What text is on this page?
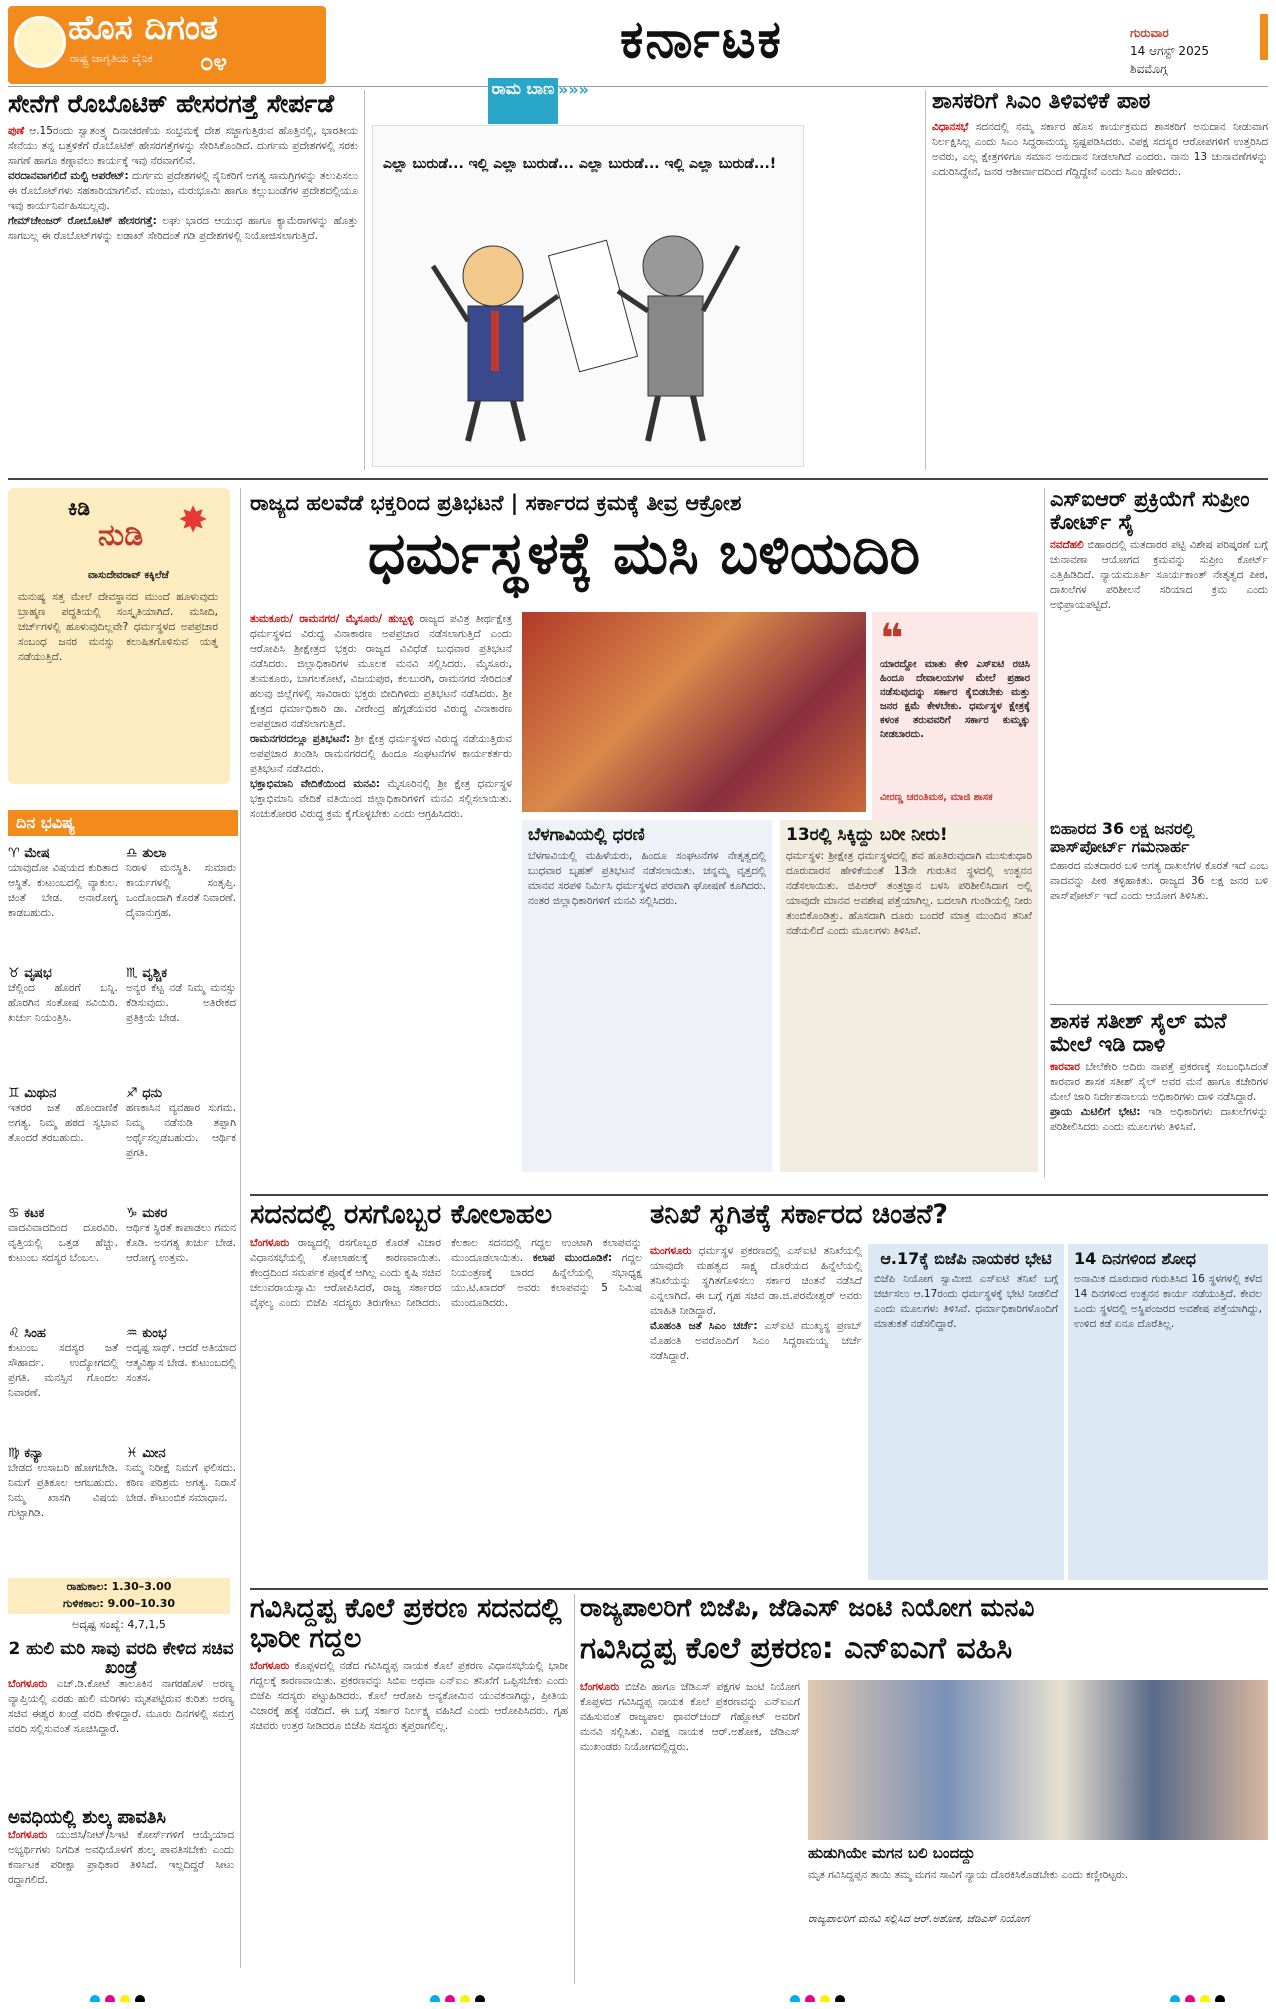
ಹೊಸ ದಿಗಂತ
ರಾಷ್ಟ್ರ ಜಾಗೃತಿಯ ದೈನಿಕ ೦೪	ಕರ್ನಾಟಕ	ಗುರುವಾರ
14 ಆಗಸ್ಟ್ 2025
ಶಿವಮೊಗ್ಗ
ಸೇನೆಗೆ ರೊಬೊಟಿಕ್ ಹೇಸರಗತ್ತೆ ಸೇರ್ಪಡೆ
ಪುಣೆ ಆ.15ರಂದು ಸ್ವಾತಂತ್ರ್ಯ ದಿನಾಚರಣೆಯ ಸಂಭ್ರಮಕ್ಕೆ ದೇಶ ಸಜ್ಜಾಗುತ್ತಿರುವ ಹೊತ್ತಿನಲ್ಲಿ, ಭಾರತೀಯ ಸೇನೆಯು ತನ್ನ ಬತ್ತಳಿಕೆಗೆ ರೊಬೊಟಿಕ್ ಹೇಸರಗತ್ತೆಗಳನ್ನು ಸೇರಿಸಿಕೊಂಡಿದೆ. ದುರ್ಗಮ ಪ್ರದೇಶಗಳಲ್ಲಿ ಸರಕು ಸಾಗಣೆ ಹಾಗೂ ಕಣ್ಗಾವಲು ಕಾರ್ಯಕ್ಕೆ ಇವು ನೆರವಾಗಲಿವೆ.
ವರದಾನವಾಗಲಿದೆ ಮಲ್ಟಿ ಆಪರೇಟ್: ದುರ್ಗಮ ಪ್ರದೇಶಗಳಲ್ಲಿ ಸೈನಿಕರಿಗೆ ಅಗತ್ಯ ಸಾಮಗ್ರಿಗಳನ್ನು ತಲುಪಿಸಲು ಈ ರೊಬೊಟ್‌ಗಳು ಸಹಕಾರಿಯಾಗಲಿವೆ. ಮಂಜು, ಮರುಭೂಮಿ ಹಾಗೂ ಕಲ್ಲುಬಂಡೆಗಳ ಪ್ರದೇಶದಲ್ಲಿಯೂ ಇವು ಕಾರ್ಯನಿರ್ವಹಿಸಬಲ್ಲವು.
ಗೇಮ್‌ಚೇಂಜರ್ ರೋಬೊಟಿಕ್ ಹೇಸರಗತ್ತೆ: ಲಘು ಭಾರದ ಆಯುಧ ಹಾಗೂ ಕ್ಯಾಮೆರಾಗಳನ್ನು ಹೊತ್ತು ಸಾಗಬಲ್ಲ ಈ ರೊಬೊಟ್‌ಗಳನ್ನು ಲಡಾಖ್ ಸೇರಿದಂತೆ ಗಡಿ ಪ್ರದೇಶಗಳಲ್ಲಿ ನಿಯೋಜಿಸಲಾಗುತ್ತಿದೆ.
ರಾಮ ಬಾಣ »»»
ಎಲ್ಲಾ ಬುರುಡೆ... ಇಲ್ಲಿ ಎಲ್ಲಾ ಬುರುಡೆ... ಎಲ್ಲಾ ಬುರುಡೆ... ಇಲ್ಲಿ ಎಲ್ಲಾ ಬುರುಡೆ...!
ಶಾಸಕರಿಗೆ ಸಿಎಂ ತಿಳಿವಳಿಕೆ ಪಾಠ
ವಿಧಾನಸಭೆ ಸದನದಲ್ಲಿ ನಮ್ಮ ಸರ್ಕಾರ ಹೊಸ ಕಾರ್ಯಕ್ರಮದ ಶಾಸಕರಿಗೆ ಅನುದಾನ ನೀಡುವಾಗ ನಿರ್ಲಕ್ಷಿಸಿಲ್ಲ ಎಂದು ಸಿಎಂ ಸಿದ್ದರಾಮಯ್ಯ ಸ್ಪಷ್ಟಪಡಿಸಿದರು. ವಿಪಕ್ಷ ಸದಸ್ಯರ ಆರೋಪಗಳಿಗೆ ಉತ್ತರಿಸಿದ ಅವರು, ಎಲ್ಲ ಕ್ಷೇತ್ರಗಳಿಗೂ ಸಮಾನ ಅನುದಾನ ನೀಡಲಾಗಿದೆ ಎಂದರು. ನಾನು 13 ಚುನಾವಣೆಗಳನ್ನು ಎದುರಿಸಿದ್ದೇನೆ, ಜನರ ಆಶೀರ್ವಾದದಿಂದ ಗೆದ್ದಿದ್ದೇನೆ ಎಂದು ಸಿಎಂ ಹೇಳಿದರು.
ಕಿಡಿ
ನುಡಿ ✸
ವಾಸುದೇವರಾವ್ ಕಕ್ಕಿಲೆಜೆ
ಮನುಷ್ಯ ಸತ್ತ ಮೇಲೆ ದೇವಸ್ಥಾನದ ಮುಂದೆ ಹೂಳುವುದು ಬ್ರಾಹ್ಮಣ ಪದ್ಧತಿಯಲ್ಲಿ ಸಂಸ್ಕೃತಿಯಾಗಿದೆ. ಮಸೀದಿ, ಚರ್ಚ್‌ಗಳಲ್ಲಿ ಹೂಳುವುದಿಲ್ಲವೇ? ಧರ್ಮಸ್ಥಳದ ಅಪಪ್ರಚಾರ ಸಂಬಂಧ ಜನರ ಮನಸ್ಸು ಕಲುಷಿತಗೊಳಿಸುವ ಯತ್ನ ನಡೆಯುತ್ತಿದೆ.
ದಿನ ಭವಿಷ್ಯ
♈ ಮೇಷ
ಯಾವುದೋ ವಿಷಯದ ಕುರಿತಾದ ಆಸ್ಥಿತೆ. ಕುಟುಂಬದಲ್ಲಿ ವ್ಯಾಕುಲ. ಚಿಂತೆ ಬೇಡ. ಅನಾರೋಗ್ಯ ಕಾಡಬಹುದು.
♎ ತುಲಾ
ನಿರಾಳ ಮನಸ್ಥಿತಿ. ಸುಮಾರು ಕಾರ್ಯಗಳಲ್ಲಿ ಸಂತೃಪ್ತಿ. ಒಂದೊಂದಾಗಿ ಕೊರತೆ ನಿವಾರಣೆ. ದೈವಾನುಗ್ರಹ.
♉ ವೃಷಭ
ಚೆಲ್ಲಿಂದ ಹೊರಗೆ ಬನ್ನಿ. ಹೊರಗಿನ ಸಂತೋಷ ಸವಿಯಿರಿ. ಖರ್ಚು ನಿಯಂತ್ರಿಸಿ.
♏ ವೃಶ್ಚಿಕ
ಅನ್ಯರ ಕೆಟ್ಟ ನಡೆ ನಿಮ್ಮ ಮನಸ್ಸು ಕೆಡಿಸುವುದು. ಅತಿರೇಕದ ಪ್ರತಿಕ್ರಿಯೆ ಬೇಡ.
♊ ಮಿಥುನ
ಇತರರ ಜತೆ ಹೊಂದಾಣಿಕೆ ಅಗತ್ಯ. ನಿಮ್ಮ ಹಠದ ಸ್ವಭಾವ ತೊಂದರೆ ತರಬಹುದು.
♐ ಧನು
ಹಣಕಾಸಿನ ವ್ಯವಹಾರ ಸುಗಮ. ನಿಮ್ಮ ನಡೆನುಡಿ ತಪ್ಪಾಗಿ ಅರ್ಥೈಸಲ್ಪಡಬಹುದು. ಆರ್ಥಿಕ ಪ್ರಗತಿ.
♋ ಕಟಕ
ವಾದವಿವಾದದಿಂದ ದೂರವಿರಿ. ವೃತ್ತಿಯಲ್ಲಿ ಒತ್ತಡ ಹೆಚ್ಚು. ಕುಟುಂಬ ಸದಸ್ಯರ ಬೆಂಬಲ.
♑ ಮಕರ
ಆರ್ಥಿಕ ಸ್ಥಿರತೆ ಕಾಪಾಡಲು ಗಮನ ಕೊಡಿ. ಅನಗತ್ಯ ಖರ್ಚು ಬೇಡ. ಆರೋಗ್ಯ ಉತ್ತಮ.
♌ ಸಿಂಹ
ಕುಟುಂಬ ಸದಸ್ಯರ ಜತೆ ಸೌಹಾರ್ದ. ಉದ್ಯೋಗದಲ್ಲಿ ಪ್ರಗತಿ. ಮನಸ್ಸಿನ ಗೊಂದಲ ನಿವಾರಣೆ.
♒ ಕುಂಭ
ಅದೃಷ್ಟ ಸಾಥ್. ಆದರೆ ಅತಿಯಾದ ಆತ್ಮವಿಶ್ವಾಸ ಬೇಡ. ಕುಟುಂಬದಲ್ಲಿ ಸಂತಸ.
♍ ಕನ್ಯಾ
ಬೇಡದ ಉಸಾಬರಿ ಹೋಗಬೇಡಿ. ನಿಮಗೆ ಪ್ರತಿಕೂಲ ಆಗಬಹುದು. ನಿಮ್ಮ ಖಾಸಗಿ ವಿಷಯ ಗುಟ್ಟಾಗಿಡಿ.
♓ ಮೀನ
ನಿಮ್ಮ ನಿರೀಕ್ಷೆ ನಿಮಗೆ ಫಲಿಸದು. ಕಠಿಣ ಪರಿಶ್ರಮ ಅಗತ್ಯ. ನಿರಾಸೆ ಬೇಡ. ಕೌಟುಂಬಿಕ ಸಮಾಧಾನ.
ರಾಹುಕಾಲ: 1.30–3.00
ಗುಳಿಕಕಾಲ: 9.00–10.30
ಅದೃಷ್ಟ ಸಂಖ್ಯೆ: 4,7,1,5
2 ಹುಲಿ ಮರಿ ಸಾವು ವರದಿ ಕೇಳಿದ ಸಚಿವ ಖಂಡ್ರೆ
ಬೆಂಗಳೂರು ಎಚ್.ಡಿ.ಕೋಟೆ ತಾಲೂಕಿನ ನಾಗರಹೊಳೆ ಅರಣ್ಯ ವ್ಯಾಪ್ತಿಯಲ್ಲಿ ಎರಡು ಹುಲಿ ಮರಿಗಳು ಮೃತಪಟ್ಟಿರುವ ಕುರಿತು ಅರಣ್ಯ ಸಚಿವ ಈಶ್ವರ ಖಂಡ್ರೆ ವರದಿ ಕೇಳಿದ್ದಾರೆ. ಮೂರು ದಿನಗಳಲ್ಲಿ ಸಮಗ್ರ ವರದಿ ಸಲ್ಲಿಸುವಂತೆ ಸೂಚಿಸಿದ್ದಾರೆ.
ಅವಧಿಯಲ್ಲಿ ಶುಲ್ಕ ಪಾವತಿಸಿ
ಬೆಂಗಳೂರು ಯುಜಿಸಿ/ನೀಟ್/ಸಿಇಟಿ ಕೋರ್ಸ್‌ಗಳಿಗೆ ಆಯ್ಕೆಯಾದ ಅಭ್ಯರ್ಥಿಗಳು ನಿಗದಿತ ಅವಧಿಯೊಳಗೆ ಶುಲ್ಕ ಪಾವತಿಸಬೇಕು ಎಂದು ಕರ್ನಾಟಕ ಪರೀಕ್ಷಾ ಪ್ರಾಧಿಕಾರ ತಿಳಿಸಿದೆ. ಇಲ್ಲದಿದ್ದರೆ ಸೀಟು ರದ್ದಾಗಲಿದೆ.
ರಾಜ್ಯದ ಹಲವೆಡೆ ಭಕ್ತರಿಂದ ಪ್ರತಿಭಟನೆ | ಸರ್ಕಾರದ ಕ್ರಮಕ್ಕೆ ತೀವ್ರ ಆಕ್ರೋಶ
ಧರ್ಮಸ್ಥಳಕ್ಕೆ ಮಸಿ ಬಳಿಯದಿರಿ
ತುಮಕೂರು/ ರಾಮನಗರ/ ಮೈಸೂರು/ ಹುಬ್ಬಳ್ಳಿ ರಾಜ್ಯದ ಪವಿತ್ರ ತೀರ್ಥಕ್ಷೇತ್ರ ಧರ್ಮಸ್ಥಳದ ವಿರುದ್ಧ ವಿನಾಕಾರಣ ಅಪಪ್ರಚಾರ ನಡೆಸಲಾಗುತ್ತಿದೆ ಎಂದು ಆರೋಪಿಸಿ ಶ್ರೀಕ್ಷೇತ್ರದ ಭಕ್ತರು ರಾಜ್ಯದ ವಿವಿಧೆಡೆ ಬುಧವಾರ ಪ್ರತಿಭಟನೆ ನಡೆಸಿದರು. ಜಿಲ್ಲಾಧಿಕಾರಿಗಳ ಮೂಲಕ ಮನವಿ ಸಲ್ಲಿಸಿದರು. ಮೈಸೂರು, ತುಮಕೂರು, ಬಾಗಲಕೋಟೆ, ವಿಜಯಪುರ, ಕಲಬುರಗಿ, ರಾಮನಗರ ಸೇರಿದಂತೆ ಹಲವು ಜಿಲ್ಲೆಗಳಲ್ಲಿ ಸಾವಿರಾರು ಭಕ್ತರು ಬೀದಿಗಿಳಿದು ಪ್ರತಿಭಟನೆ ನಡೆಸಿದರು. ಶ್ರೀ ಕ್ಷೇತ್ರದ ಧರ್ಮಾಧಿಕಾರಿ ಡಾ. ವೀರೇಂದ್ರ ಹೆಗ್ಗಡೆಯವರ ವಿರುದ್ಧ ವಿನಾಕಾರಣ ಅಪಪ್ರಚಾರ ನಡೆಸಲಾಗುತ್ತಿದೆ.
ರಾಮನಗರದಲ್ಲೂ ಪ್ರತಿಭಟನೆ: ಶ್ರೀ ಕ್ಷೇತ್ರ ಧರ್ಮಸ್ಥಳದ ವಿರುದ್ಧ ನಡೆಯುತ್ತಿರುವ ಅಪಪ್ರಚಾರ ಖಂಡಿಸಿ ರಾಮನಗರದಲ್ಲಿ ಹಿಂದೂ ಸಂಘಟನೆಗಳ ಕಾರ್ಯಕರ್ತರು ಪ್ರತಿಭಟನೆ ನಡೆಸಿದರು.
ಭಕ್ತಾಭಿಮಾನಿ ವೇದಿಕೆಯಿಂದ ಮನವಿ: ಮೈಸೂರಿನಲ್ಲಿ ಶ್ರೀ ಕ್ಷೇತ್ರ ಧರ್ಮಸ್ಥಳ ಭಕ್ತಾಭಿಮಾನಿ ವೇದಿಕೆ ವತಿಯಿಂದ ಜಿಲ್ಲಾಧಿಕಾರಿಗಳಿಗೆ ಮನವಿ ಸಲ್ಲಿಸಲಾಯಿತು. ಸಂಚುಕೋರರ ವಿರುದ್ಧ ಕ್ರಮ ಕೈಗೊಳ್ಳಬೇಕು ಎಂದು ಆಗ್ರಹಿಸಿದರು.
❝
ಯಾರದ್ದೋ ಮಾತು ಕೇಳಿ ಎಸ್‌ಐಟಿ ರಚಿಸಿ ಹಿಂದೂ ದೇವಾಲಯಗಳ ಮೇಲೆ ಪ್ರಹಾರ ನಡೆಸುವುದನ್ನು ಸರ್ಕಾರ ಕೈಬಿಡಬೇಕು ಮತ್ತು ಜನರ ಕ್ಷಮೆ ಕೇಳಬೇಕು. ಧರ್ಮಸ್ಥಳ ಕ್ಷೇತ್ರಕ್ಕೆ ಕಳಂಕ ತರುವವರಿಗೆ ಸರ್ಕಾರ ಕುಮ್ಮಕ್ಕು ನೀಡಬಾರದು.
ವೀರಣ್ಣ ಚರಂತಿಮಠ, ಮಾಜಿ ಶಾಸಕ
ಬೆಳಗಾವಿಯಲ್ಲಿ ಧರಣಿ
ಬೆಳಗಾವಿಯಲ್ಲಿ ಮಹಿಳೆಯರು, ಹಿಂದೂ ಸಂಘಟನೆಗಳ ನೇತೃತ್ವದಲ್ಲಿ ಬುಧವಾರ ಬೃಹತ್ ಪ್ರತಿಭಟನೆ ನಡೆಸಲಾಯಿತು. ಚನ್ನಮ್ಮ ವೃತ್ತದಲ್ಲಿ ಮಾನವ ಸರಪಳಿ ನಿರ್ಮಿಸಿ ಧರ್ಮಸ್ಥಳದ ಪರವಾಗಿ ಘೋಷಣೆ ಕೂಗಿದರು. ನಂತರ ಜಿಲ್ಲಾಧಿಕಾರಿಗಳಿಗೆ ಮನವಿ ಸಲ್ಲಿಸಿದರು.
13ರಲ್ಲಿ ಸಿಕ್ಕಿದ್ದು ಬರೀ ನೀರು!
ಧರ್ಮಸ್ಥಳ: ಶ್ರೀಕ್ಷೇತ್ರ ಧರ್ಮಸ್ಥಳದಲ್ಲಿ ಶವ ಹೂತಿರುವುದಾಗಿ ಮುಸುಕುಧಾರಿ ದೂರುದಾರನ ಹೇಳಿಕೆಯಂತೆ 13ನೇ ಗುರುತಿನ ಸ್ಥಳದಲ್ಲಿ ಉತ್ಖನನ ನಡೆಸಲಾಯಿತು. ಜಿಪಿಆರ್ ತಂತ್ರಜ್ಞಾನ ಬಳಸಿ ಪರಿಶೀಲಿಸಿದಾಗ ಅಲ್ಲಿ ಯಾವುದೇ ಮಾನವ ಅವಶೇಷ ಪತ್ತೆಯಾಗಿಲ್ಲ. ಬದಲಾಗಿ ಗುಂಡಿಯಲ್ಲಿ ನೀರು ತುಂಬಿಕೊಂಡಿತ್ತು. ಹೊಸದಾಗಿ ದೂರು ಬಂದರೆ ಮಾತ್ರ ಮುಂದಿನ ತನಿಖೆ ನಡೆಯಲಿದೆ ಎಂದು ಮೂಲಗಳು ತಿಳಿಸಿವೆ.
ಎಸ್‌ಐಆರ್ ಪ್ರಕ್ರಿಯೆಗೆ ಸುಪ್ರೀಂ ಕೋರ್ಟ್ ಸೈ
ನವದೆಹಲಿ ಬಿಹಾರದಲ್ಲಿ ಮತದಾರರ ಪಟ್ಟಿ ವಿಶೇಷ ಪರಿಷ್ಕರಣೆ ಬಗ್ಗೆ ಚುನಾವಣಾ ಆಯೋಗದ ಕ್ರಮವನ್ನು ಸುಪ್ರೀಂ ಕೋರ್ಟ್ ಎತ್ತಿಹಿಡಿದಿದೆ. ನ್ಯಾಯಮೂರ್ತಿ ಸೂರ್ಯಕಾಂತ್ ನೇತೃತ್ವದ ಪೀಠ, ದಾಖಲೆಗಳ ಪರಿಶೀಲನೆ ಸರಿಯಾದ ಕ್ರಮ ಎಂದು ಅಭಿಪ್ರಾಯಪಟ್ಟಿದೆ.
ಬಿಹಾರದ 36 ಲಕ್ಷ ಜನರಲ್ಲಿ ಪಾಸ್‌ಪೋರ್ಟ್ ಗಮನಾರ್ಹ
ಬಿಹಾರದ ಮತದಾರರ ಬಳಿ ಅಗತ್ಯ ದಾಖಲೆಗಳ ಕೊರತೆ ಇದೆ ಎಂಬ ವಾದವನ್ನು ಪೀಠ ತಳ್ಳಿಹಾಕಿತು. ರಾಜ್ಯದ 36 ಲಕ್ಷ ಜನರ ಬಳಿ ಪಾಸ್‌ಪೋರ್ಟ್ ಇದೆ ಎಂದು ಆಯೋಗ ತಿಳಿಸಿತು.
ಶಾಸಕ ಸತೀಶ್ ಸೈಲ್ ಮನೆ ಮೇಲೆ ಇಡಿ ದಾಳಿ
ಕಾರವಾರ ಬೇಲೆಕೇರಿ ಅದಿರು ನಾಪತ್ತೆ ಪ್ರಕರಣಕ್ಕೆ ಸಂಬಂಧಿಸಿದಂತೆ ಕಾರವಾರ ಶಾಸಕ ಸತೀಶ್ ಸೈಲ್ ಅವರ ಮನೆ ಹಾಗೂ ಕಚೇರಿಗಳ ಮೇಲೆ ಜಾರಿ ನಿರ್ದೇಶನಾಲಯ ಅಧಿಕಾರಿಗಳು ದಾಳಿ ನಡೆಸಿದ್ದಾರೆ.
ಪ್ರಾಯ ಮಿಟಿಲಿಗೆ ಭೇಟಿ: ಇಡಿ ಅಧಿಕಾರಿಗಳು ದಾಖಲೆಗಳನ್ನು ಪರಿಶೀಲಿಸಿದರು ಎಂದು ಮೂಲಗಳು ತಿಳಿಸಿವೆ.
ಸದನದಲ್ಲಿ ರಸಗೊಬ್ಬರ ಕೋಲಾಹಲ
ಬೆಂಗಳೂರು ರಾಜ್ಯದಲ್ಲಿ ರಸಗೊಬ್ಬರ ಕೊರತೆ ವಿಚಾರ ವಿಧಾನಸಭೆಯಲ್ಲಿ ಕೋಲಾಹಲಕ್ಕೆ ಕಾರಣವಾಯಿತು. ಕೇಂದ್ರದಿಂದ ಸಮರ್ಪಕ ಪೂರೈಕೆ ಆಗಿಲ್ಲ ಎಂದು ಕೃಷಿ ಸಚಿವ ಚಲುವರಾಯಸ್ವಾಮಿ ಆರೋಪಿಸಿದರೆ, ರಾಜ್ಯ ಸರ್ಕಾರದ ವೈಫಲ್ಯ ಎಂದು ಬಿಜೆಪಿ ಸದಸ್ಯರು ತಿರುಗೇಟು ನೀಡಿದರು. ಕೆಲಕಾಲ ಸದನದಲ್ಲಿ ಗದ್ದಲ ಉಂಟಾಗಿ ಕಲಾಪವನ್ನು ಮುಂದೂಡಲಾಯಿತು. ಕಲಾಪ ಮುಂದೂಡಿಕೆ: ಗದ್ದಲ ನಿಯಂತ್ರಣಕ್ಕೆ ಬಾರದ ಹಿನ್ನೆಲೆಯಲ್ಲಿ ಸಭಾಧ್ಯಕ್ಷ ಯು.ಟಿ.ಖಾದರ್ ಅವರು ಕಲಾಪವನ್ನು 5 ನಿಮಿಷ ಮುಂದೂಡಿದರು.
ತನಿಖೆ ಸ್ಥಗಿತಕ್ಕೆ ಸರ್ಕಾರದ ಚಿಂತನೆ?
ಮಂಗಳೂರು ಧರ್ಮಸ್ಥಳ ಪ್ರಕರಣದಲ್ಲಿ ಎಸ್‌ಐಟಿ ತನಿಖೆಯಲ್ಲಿ ಯಾವುದೇ ಮಹತ್ವದ ಸಾಕ್ಷ್ಯ ದೊರೆಯದ ಹಿನ್ನೆಲೆಯಲ್ಲಿ ತನಿಖೆಯನ್ನು ಸ್ಥಗಿತಗೊಳಿಸಲು ಸರ್ಕಾರ ಚಿಂತನೆ ನಡೆಸಿದೆ ಎನ್ನಲಾಗಿದೆ. ಈ ಬಗ್ಗೆ ಗೃಹ ಸಚಿವ ಡಾ.ಜಿ.ಪರಮೇಶ್ವರ್ ಅವರು ಮಾಹಿತಿ ನೀಡಿದ್ದಾರೆ.
ಮೊಹಂತಿ ಜತೆ ಸಿಎಂ ಚರ್ಚೆ: ಎಸ್‌ಐಟಿ ಮುಖ್ಯಸ್ಥ ಪ್ರಣಬ್ ಮೊಹಂತಿ ಅವರೊಂದಿಗೆ ಸಿಎಂ ಸಿದ್ದರಾಮಯ್ಯ ಚರ್ಚೆ ನಡೆಸಿದ್ದಾರೆ.
ಆ.17ಕ್ಕೆ ಬಿಜೆಪಿ ನಾಯಕರ ಭೇಟಿ
ಬಿಜೆಪಿ ನಿಯೋಗ ಸ್ವಾಮೀಜಿ ಎಸ್‌ಐಟಿ ತನಿಖೆ ಬಗ್ಗೆ ಚರ್ಚಿಸಲು ಆ.17ರಂದು ಧರ್ಮಸ್ಥಳಕ್ಕೆ ಭೇಟಿ ನೀಡಲಿದೆ ಎಂದು ಮೂಲಗಳು ತಿಳಿಸಿವೆ. ಧರ್ಮಾಧಿಕಾರಿಗಳೊಂದಿಗೆ ಮಾತುಕತೆ ನಡೆಸಲಿದ್ದಾರೆ.
14 ದಿನಗಳಿಂದ ಶೋಧ
ಅನಾಮಿಕ ದೂರುದಾರ ಗುರುತಿಸಿದ 16 ಸ್ಥಳಗಳಲ್ಲಿ ಕಳೆದ 14 ದಿನಗಳಿಂದ ಉತ್ಖನನ ಕಾರ್ಯ ನಡೆಯುತ್ತಿದೆ. ಕೇವಲ ಒಂದು ಸ್ಥಳದಲ್ಲಿ ಅಸ್ಥಿಪಂಜರದ ಅವಶೇಷ ಪತ್ತೆಯಾಗಿದ್ದು, ಉಳಿದ ಕಡೆ ಏನೂ ದೊರೆತಿಲ್ಲ.
ಗವಿಸಿದ್ದಪ್ಪ ಕೊಲೆ ಪ್ರಕರಣ ಸದನದಲ್ಲಿ ಭಾರೀ ಗದ್ದಲ
ಬೆಂಗಳೂರು ಕೊಪ್ಪಳದಲ್ಲಿ ನಡೆದ ಗವಿಸಿದ್ದಪ್ಪ ನಾಯಕ ಕೊಲೆ ಪ್ರಕರಣ ವಿಧಾನಸಭೆಯಲ್ಲಿ ಭಾರೀ ಗದ್ದಲಕ್ಕೆ ಕಾರಣವಾಯಿತು. ಪ್ರಕರಣವನ್ನು ಸಿಬಿಐ ಅಥವಾ ಎನ್‌ಐಎ ತನಿಖೆಗೆ ಒಪ್ಪಿಸಬೇಕು ಎಂದು ಬಿಜೆಪಿ ಸದಸ್ಯರು ಪಟ್ಟುಹಿಡಿದರು. ಕೊಲೆ ಆರೋಪಿ ಅನ್ಯಕೋಮಿನ ಯುವಕನಾಗಿದ್ದು, ಪ್ರೀತಿಯ ವಿಚಾರಕ್ಕೆ ಹತ್ಯೆ ನಡೆದಿದೆ. ಈ ಬಗ್ಗೆ ಸರ್ಕಾರ ನಿರ್ಲಕ್ಷ್ಯ ವಹಿಸಿದೆ ಎಂದು ಆರೋಪಿಸಿದರು. ಗೃಹ ಸಚಿವರು ಉತ್ತರ ನೀಡಿದರೂ ಬಿಜೆಪಿ ಸದಸ್ಯರು ತೃಪ್ತರಾಗಲಿಲ್ಲ.
ರಾಜ್ಯಪಾಲರಿಗೆ ಬಿಜೆಪಿ, ಜೆಡಿಎಸ್ ಜಂಟಿ ನಿಯೋಗ ಮನವಿ
ಗವಿಸಿದ್ದಪ್ಪ ಕೊಲೆ ಪ್ರಕರಣ: ಎನ್‌ಐಎಗೆ ವಹಿಸಿ
ಬೆಂಗಳೂರು ಬಿಜೆಪಿ ಹಾಗೂ ಜೆಡಿಎಸ್ ಪಕ್ಷಗಳ ಜಂಟಿ ನಿಯೋಗ ಕೊಪ್ಪಳದ ಗವಿಸಿದ್ದಪ್ಪ ನಾಯಕ ಕೊಲೆ ಪ್ರಕರಣವನ್ನು ಎನ್‌ಐಎಗೆ ವಹಿಸುವಂತೆ ರಾಜ್ಯಪಾಲ ಥಾವರ್‌ಚಂದ್ ಗೆಹ್ಲೋಟ್ ಅವರಿಗೆ ಮನವಿ ಸಲ್ಲಿಸಿತು. ವಿಪಕ್ಷ ನಾಯಕ ಆರ್.ಅಶೋಕ, ಜೆಡಿಎಸ್ ಮುಖಂಡರು ನಿಯೋಗದಲ್ಲಿದ್ದರು.
ಹುಡುಗಿಯೇ ಮಗನ ಬಲಿ ಬಂದದ್ದು
ಮೃತ ಗವಿಸಿದ್ದಪ್ಪನ ತಾಯಿ ತಮ್ಮ ಮಗನ ಸಾವಿಗೆ ನ್ಯಾಯ ದೊರಕಿಸಿಕೊಡಬೇಕು ಎಂದು ಕಣ್ಣೀರಿಟ್ಟರು.
ರಾಜ್ಯಪಾಲರಿಗೆ ಮನವಿ ಸಲ್ಲಿಸಿದ ಆರ್.ಅಶೋಕ, ಜೆಡಿಎಸ್ ನಿಯೋಗ
